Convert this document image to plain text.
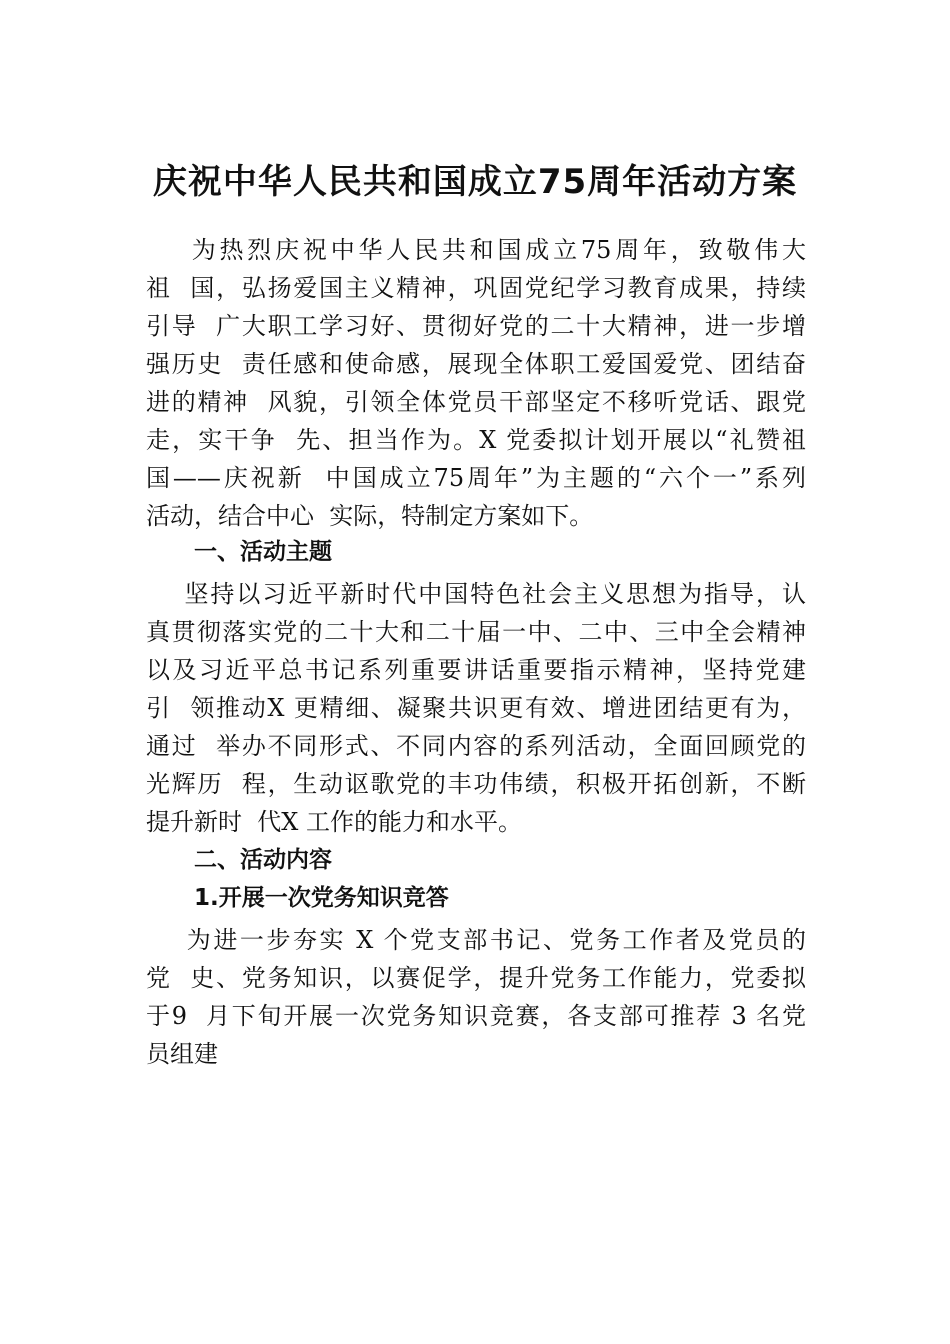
庆祝中华人民共和国成立75周年活动方案
为热烈庆祝中华人民共和国成立75周年，致敬伟大
祖  国，弘扬爱国主义精神，巩固党纪学习教育成果，持续
引导  广大职工学习好、贯彻好党的二十大精神，进一步增
强历史  责任感和使命感，展现全体职工爱国爱党、团结奋
进的精神  风貌，引领全体党员干部坚定不移听党话、跟党
走，实干争  先、担当作为。X 党委拟计划开展以“礼赞祖
国——庆祝新  中国成立75周年”为主题的“六个一”系列
活动，结合中心  实际，特制定方案如下。
一、活动主题
坚持以习近平新时代中国特色社会主义思想为指导，认
真贯彻落实党的二十大和二十届一中、二中、三中全会精神
以及习近平总书记系列重要讲话重要指示精神，坚持党建
引  领推动X 更精细、凝聚共识更有效、增进团结更有为，
通过  举办不同形式、不同内容的系列活动，全面回顾党的
光辉历  程，生动讴歌党的丰功伟绩，积极开拓创新，不断
提升新时  代X 工作的能力和水平。
二、活动内容
1.开展一次党务知识竞答
为进一步夯实 X 个党支部书记、党务工作者及党员的
党  史、党务知识，以赛促学，提升党务工作能力，党委拟
于9  月下旬开展一次党务知识竞赛，各支部可推荐 3 名党
员组建
